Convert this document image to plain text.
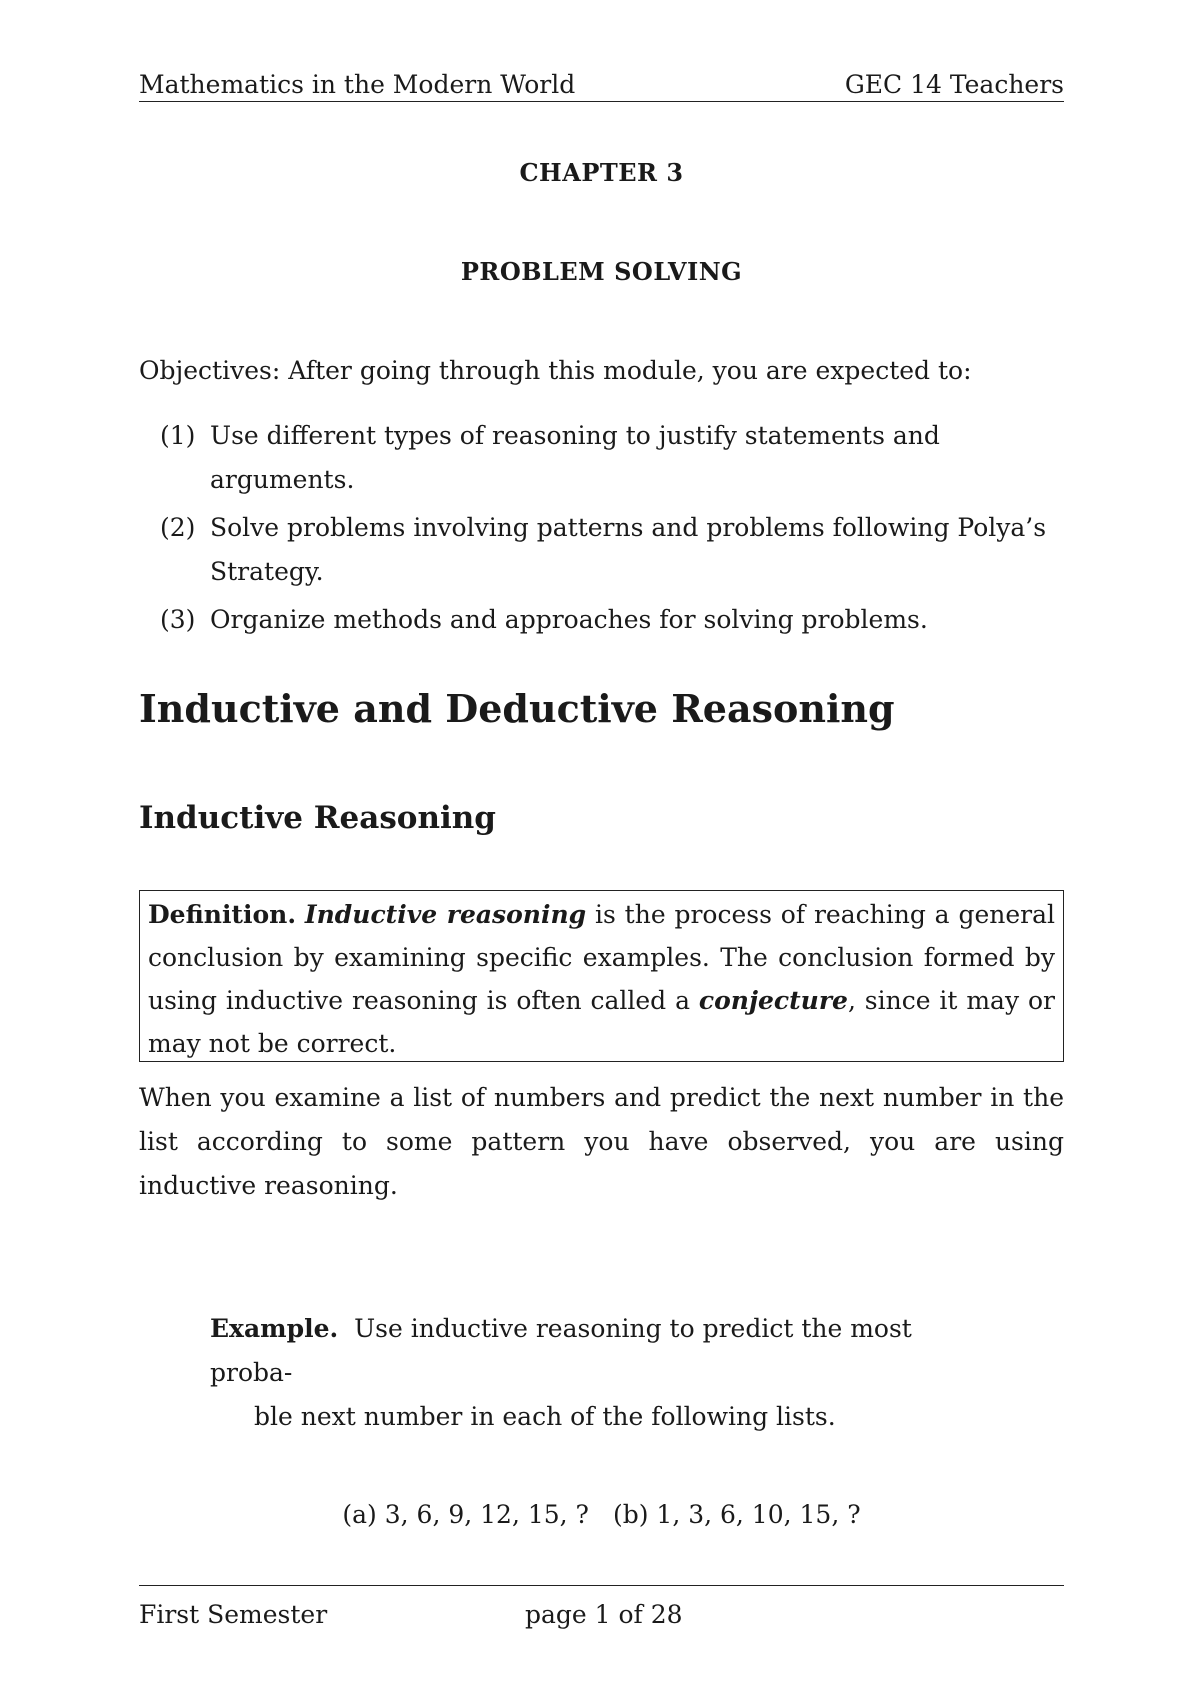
Mathematics in the Modern World	GEC 14 Teachers
CHAPTER 3
PROBLEM SOLVING
Objectives: After going through this module, you are expected to:
(1) Use different types of reasoning to justify statements and arguments.
(2) Solve problems involving patterns and problems following Polya’s Strategy.
(3) Organize methods and approaches for solving problems.
Inductive and Deductive Reasoning
Inductive Reasoning
Definition. Inductive reasoning is the process of reaching a general conclusion by examining specific examples. The conclusion formed by using inductive reasoning is often called a conjecture, since it may or may not be correct.

When you examine a list of numbers and predict the next number in the list according to some pattern you have observed, you are using inductive reasoning.

Example. Use inductive reasoning to predict the most proba-
ble next number in each of the following lists.
(a) 3, 6, 9, 12, 15, ? (b) 1, 3, 6, 10, 15, ?
First Semester	page 1 of 28
